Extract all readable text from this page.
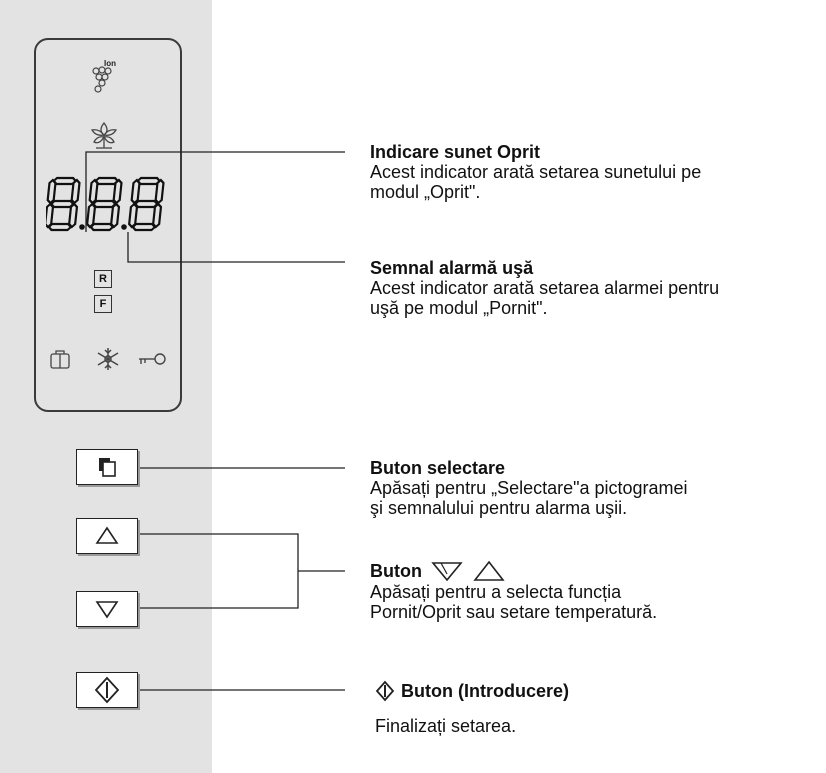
Ion
R
F
Indicare sunet Oprit
Acest indicator arată setarea sunetului pe
modul „Oprit".
Semnal alarmă uşă
Acest indicator arată setarea alarmei pentru
uşă pe modul „Pornit".
Buton selectare
Apăsați pentru „Selectare"a pictogramei
şi semnalului pentru alarma uşii.
Buton
Apăsați pentru a selecta funcția
Pornit/Oprit sau setare temperatură.
Buton (Introducere)
Finalizați setarea.
